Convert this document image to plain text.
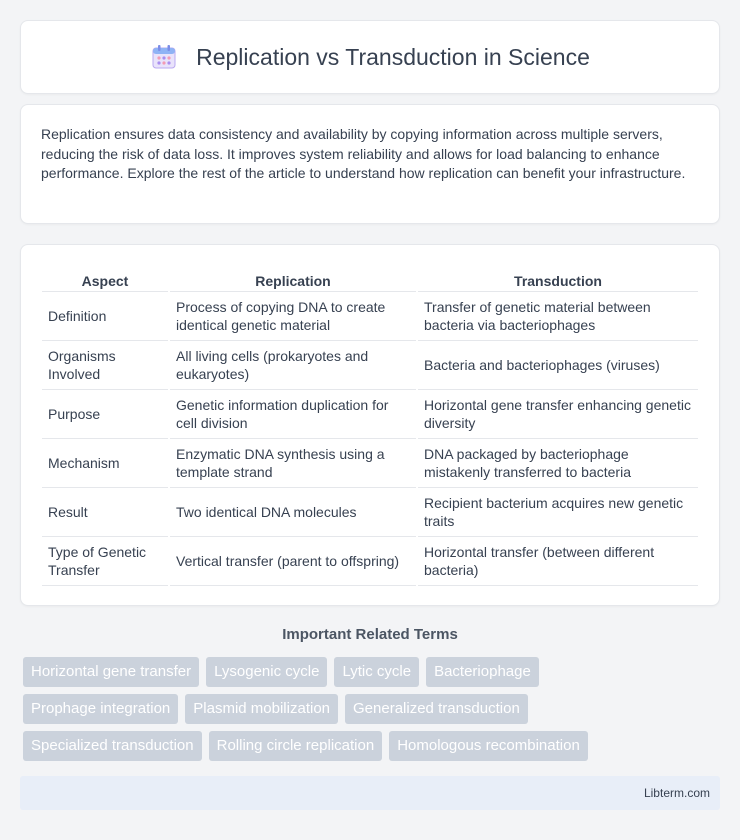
Replication vs Transduction in Science

Replication ensures data consistency and availability by copying information across multiple servers, reducing the risk of data loss. It improves system reliability and allows for load balancing to enhance performance. Explore the rest of the article to understand how replication can benefit your infrastructure.

Aspect	Replication	Transduction
Definition	Process of copying DNA to create identical genetic material	Transfer of genetic material between bacteria via bacteriophages
Organisms Involved	All living cells (prokaryotes and eukaryotes)	Bacteria and bacteriophages (viruses)
Purpose	Genetic information duplication for cell division	Horizontal gene transfer enhancing genetic diversity
Mechanism	Enzymatic DNA synthesis using a template strand	DNA packaged by bacteriophage mistakenly transferred to bacteria
Result	Two identical DNA molecules	Recipient bacterium acquires new genetic traits
Type of Genetic Transfer	Vertical transfer (parent to offspring)	Horizontal transfer (between different bacteria)
Important Related Terms
Horizontal gene transfer	Lysogenic cycle	Lytic cycle	Bacteriophage
Prophage integration	Plasmid mobilization	Generalized transduction
Specialized transduction	Rolling circle replication	Homologous recombination
Libterm.com
